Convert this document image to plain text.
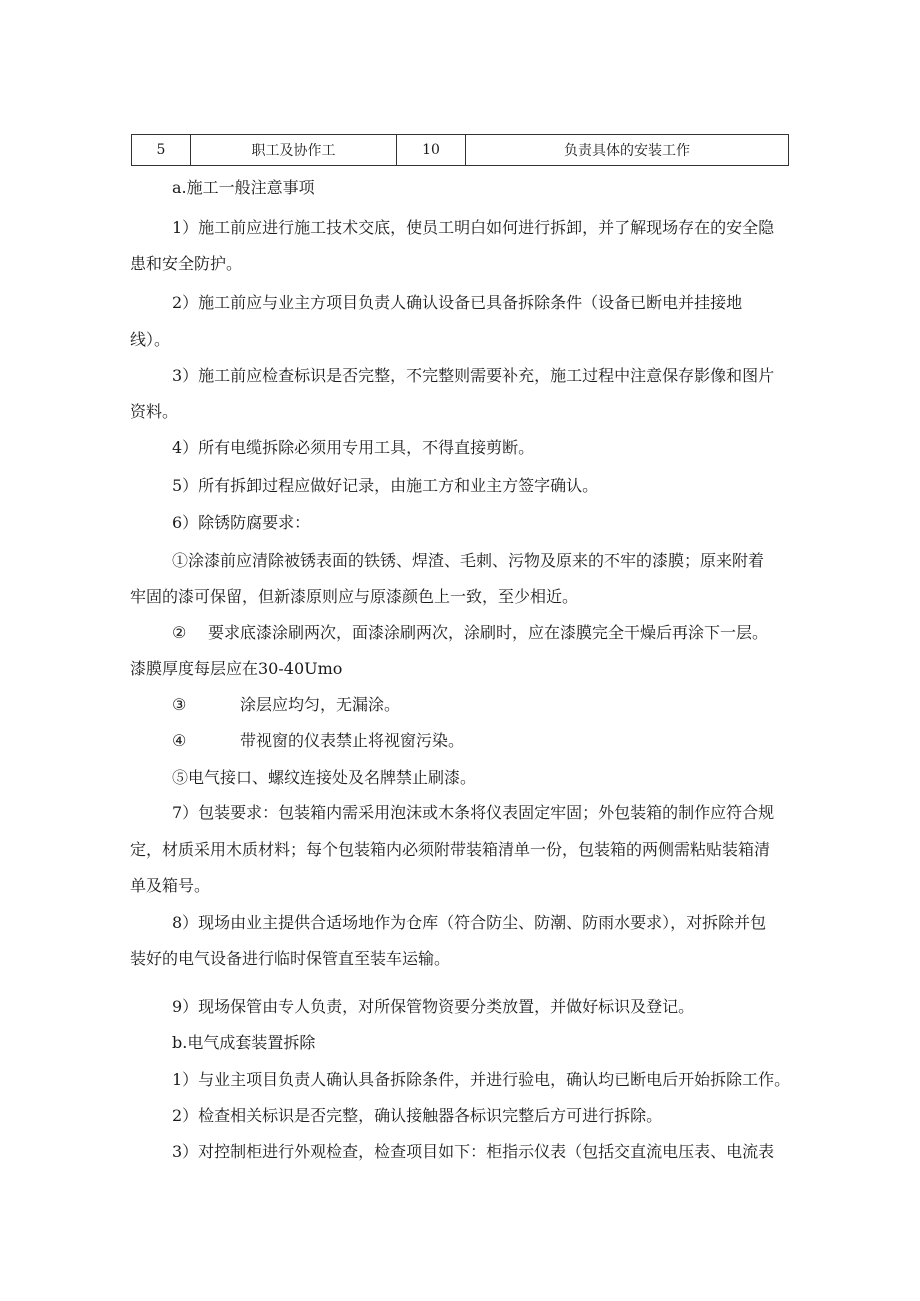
5	职工及协作工	10	负责具体的安装工作
a.施工一般注意事项
1）施工前应进行施工技术交底，使员工明白如何进行拆卸，并了解现场存在的安全隐
患和安全防护。
2）施工前应与业主方项目负责人确认设备已具备拆除条件（设备已断电并挂接地
线）。
3）施工前应检查标识是否完整，不完整则需要补充，施工过程中注意保存影像和图片
资料。
4）所有电缆拆除必须用专用工具，不得直接剪断。
5）所有拆卸过程应做好记录，由施工方和业主方签字确认。
6）除锈防腐要求：
①涂漆前应清除被锈表面的铁锈、焊渣、毛刺、污物及原来的不牢的漆膜；原来附着
牢固的漆可保留，但新漆原则应与原漆颜色上一致，至少相近。
② 要求底漆涂刷两次，面漆涂刷两次，涂刷时，应在漆膜完全干燥后再涂下一层。
漆膜厚度每层应在30-40Umo
③	涂层应均匀，无漏涂。
④	带视窗的仪表禁止将视窗污染。
⑤电气接口、螺纹连接处及名牌禁止刷漆。
7）包装要求：包装箱内需采用泡沫或木条将仪表固定牢固；外包装箱的制作应符合规
定，材质采用木质材料；每个包装箱内必须附带装箱清单一份，包装箱的两侧需粘贴装箱清
单及箱号。
8）现场由业主提供合适场地作为仓库（符合防尘、防潮、防雨水要求），对拆除并包
装好的电气设备进行临时保管直至装车运输。
9）现场保管由专人负责，对所保管物资要分类放置，并做好标识及登记。
b.电气成套装置拆除
1）与业主项目负责人确认具备拆除条件，并进行验电，确认均已断电后开始拆除工作。
2）检查相关标识是否完整，确认接触器各标识完整后方可进行拆除。
3）对控制柜进行外观检查，检查项目如下：柜指示仪表（包括交直流电压表、电流表
